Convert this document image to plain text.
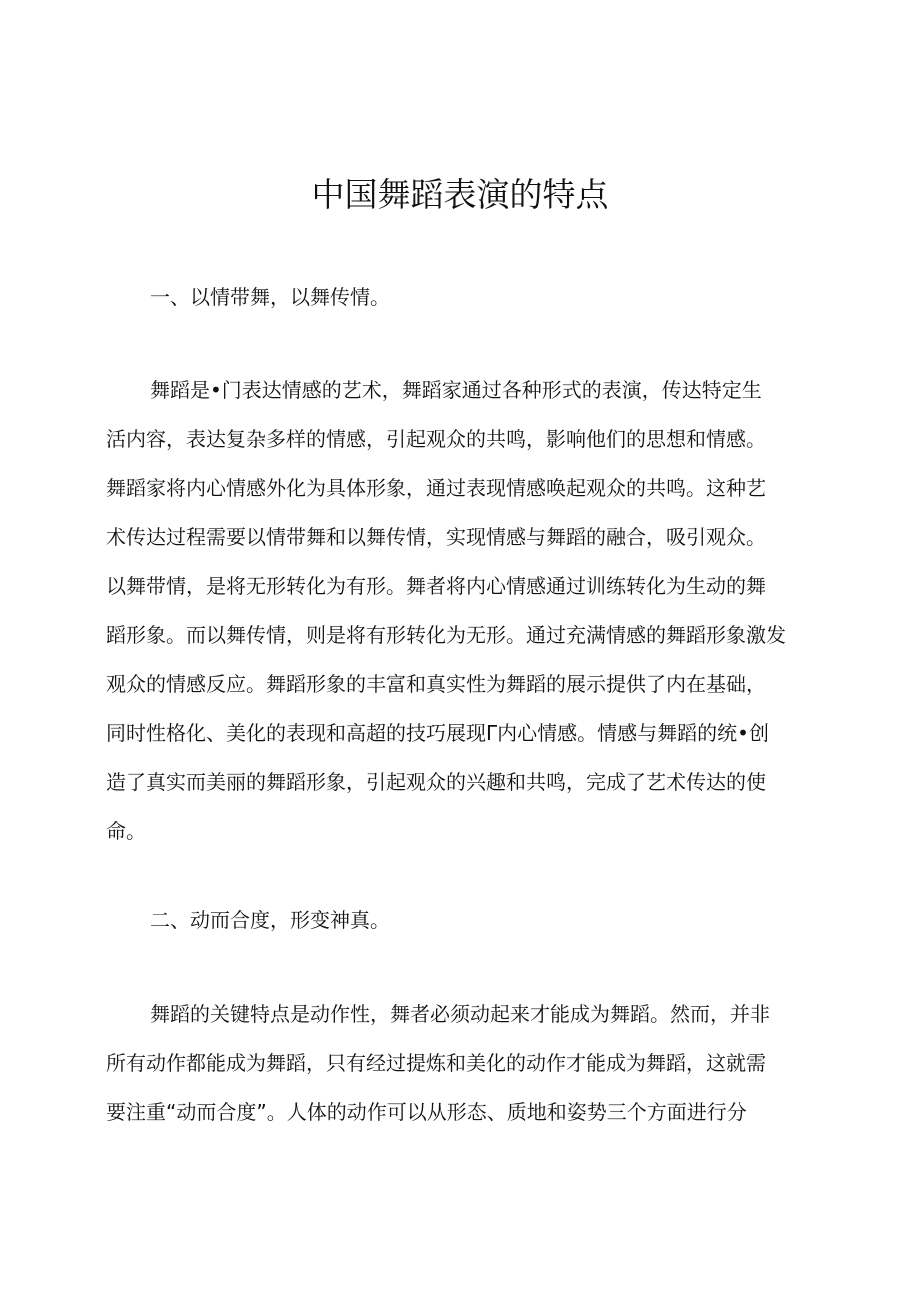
中国舞蹈表演的特点
一、以情带舞，以舞传情。
舞蹈是•门表达情感的艺术，舞蹈家通过各种形式的表演，传达特定生
活内容，表达复杂多样的情感，引起观众的共鸣，影响他们的思想和情感。
舞蹈家将内心情感外化为具体形象，通过表现情感唤起观众的共鸣。这种艺
术传达过程需要以情带舞和以舞传情，实现情感与舞蹈的融合，吸引观众。
以舞带情，是将无形转化为有形。舞者将内心情感通过训练转化为生动的舞
蹈形象。而以舞传情，则是将有形转化为无形。通过充满情感的舞蹈形象激发
观众的情感反应。舞蹈形象的丰富和真实性为舞蹈的展示提供了内在基础，
同时性格化、美化的表现和高超的技巧展现Γ内心情感。情感与舞蹈的统•创
造了真实而美丽的舞蹈形象，引起观众的兴趣和共鸣，完成了艺术传达的使
命。
二、动而合度，形变神真。
舞蹈的关键特点是动作性，舞者必须动起来才能成为舞蹈。然而，并非
所有动作都能成为舞蹈，只有经过提炼和美化的动作才能成为舞蹈，这就需
要注重“动而合度”。人体的动作可以从形态、质地和姿势三个方面进行分
